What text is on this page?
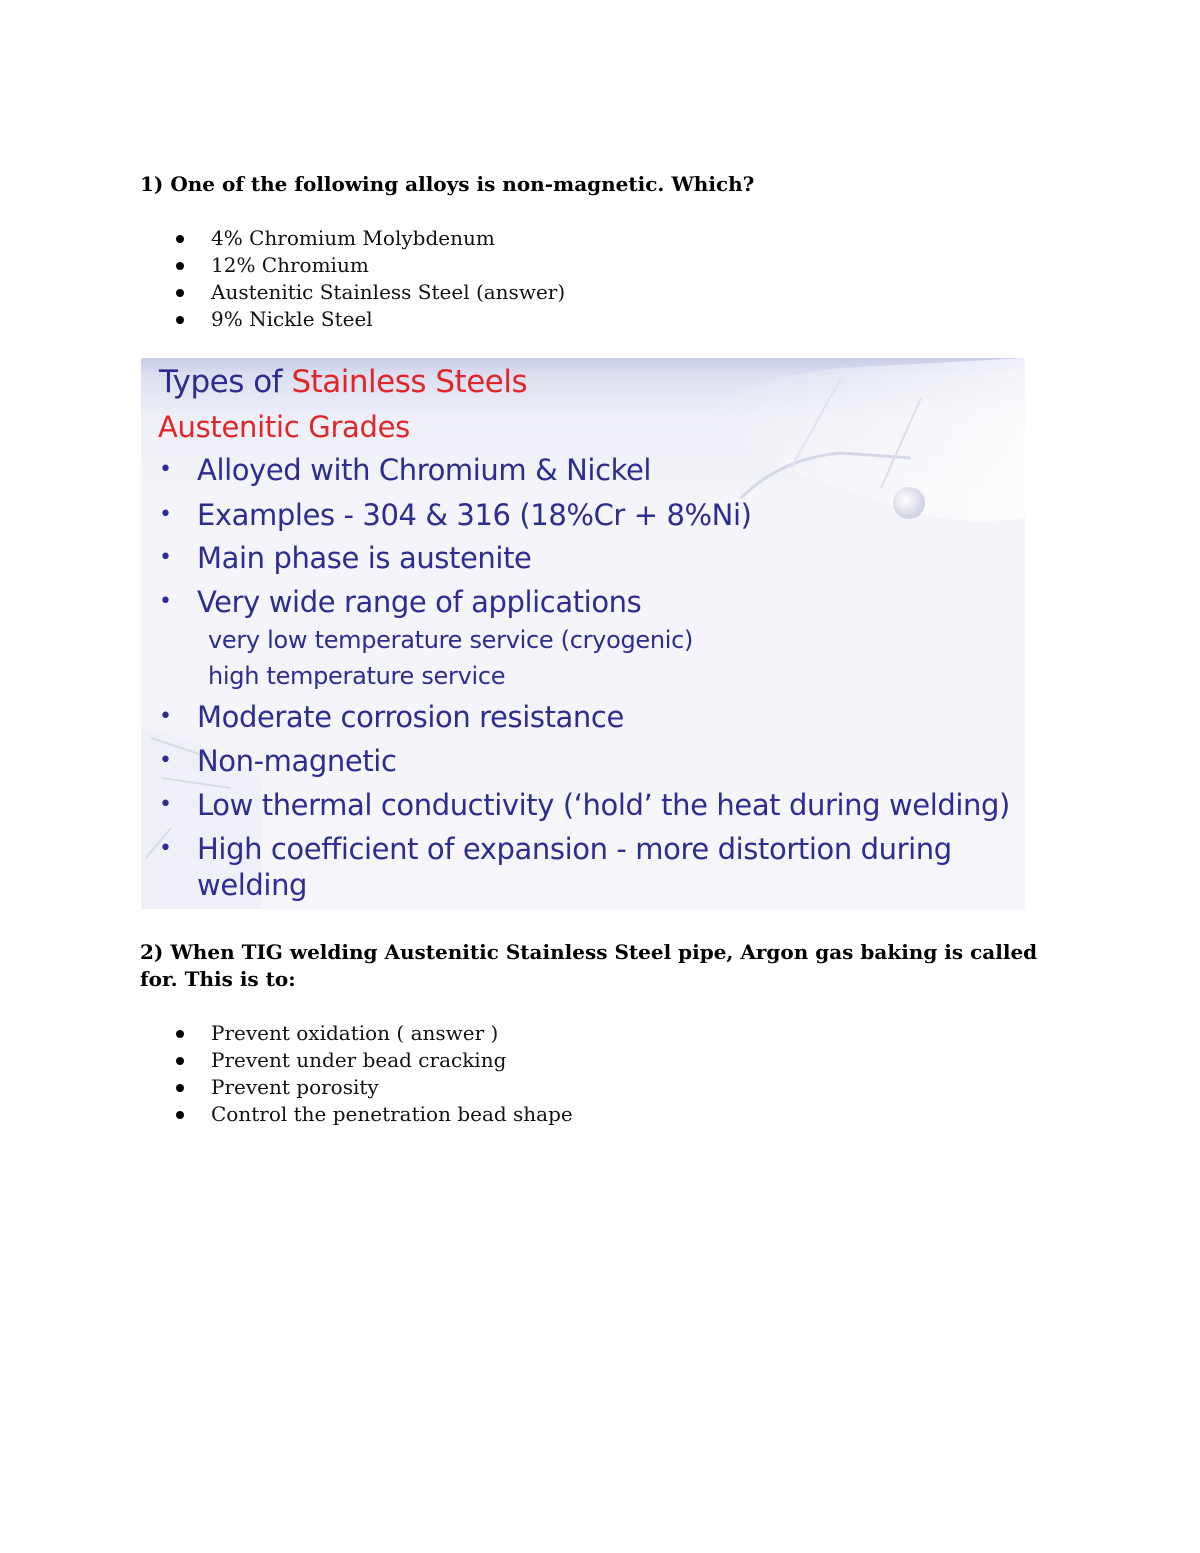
1) One of the following alloys is non-magnetic. Which?

4% Chromium Molybdenum
12% Chromium
Austenitic Stainless Steel (answer)
9% Nickle Steel
Types of Stainless Steels
Austenitic Grades
• Alloyed with Chromium & Nickel
• Examples - 304 & 316 (18%Cr + 8%Ni)
• Main phase is austenite
• Very wide range of applications
very low temperature service (cryogenic)
high temperature service
• Moderate corrosion resistance
• Non-magnetic
• Low thermal conductivity (‘hold’ the heat during welding)
• High coefficient of expansion - more distortion during
welding

2) When TIG welding Austenitic Stainless Steel pipe, Argon gas baking is called for. This is to:

Prevent oxidation ( answer )
Prevent under bead cracking
Prevent porosity
Control the penetration bead shape
